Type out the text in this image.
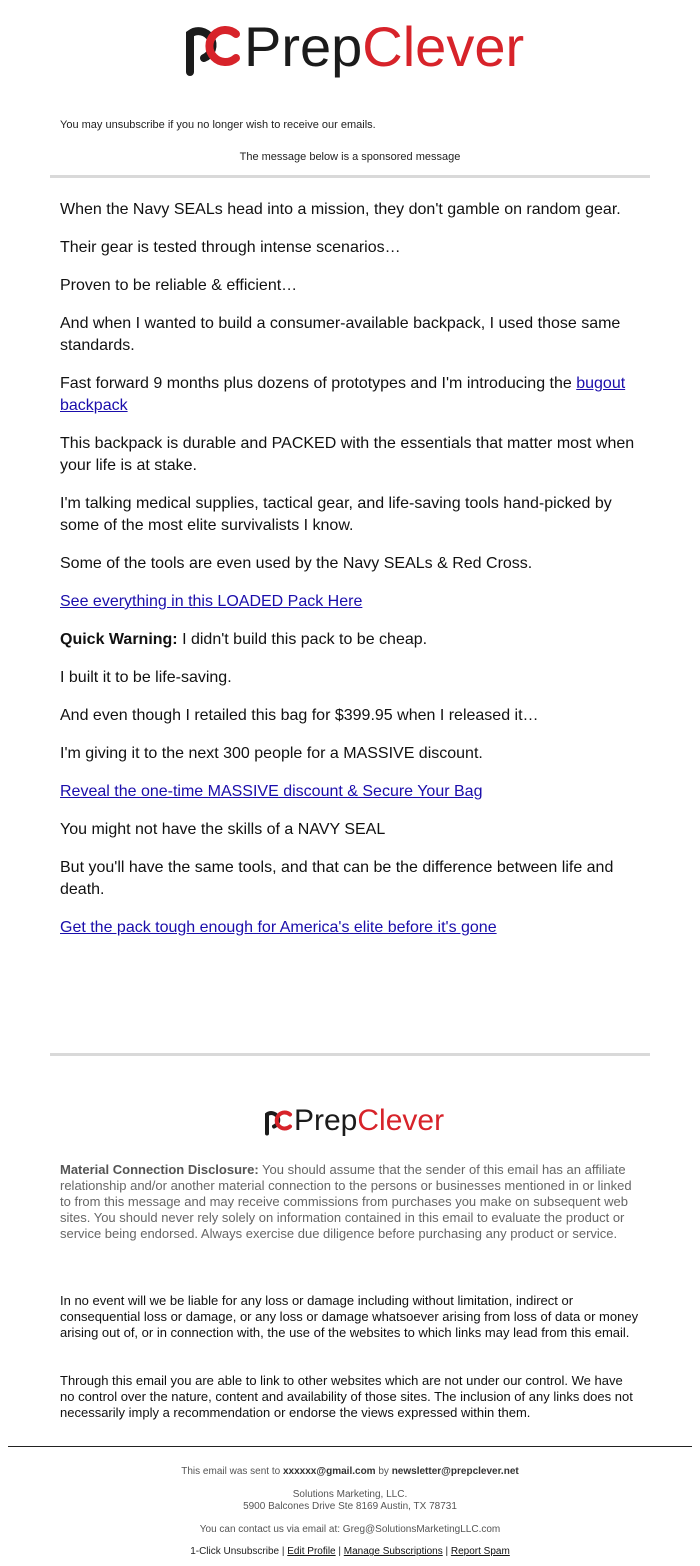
Prep Clever
You may unsubscribe if you no longer wish to receive our emails.
The message below is a sponsored message

When the Navy SEALs head into a mission, they don't gamble on random gear.

Their gear is tested through intense scenarios…

Proven to be reliable & efficient…

And when I wanted to build a consumer-available backpack, I used those same standards.

Fast forward 9 months plus dozens of prototypes and I'm introducing the bugout backpack

This backpack is durable and PACKED with the essentials that matter most when your life is at stake.

I'm talking medical supplies, tactical gear, and life-saving tools hand-picked by some of the most elite survivalists I know.

Some of the tools are even used by the Navy SEALs & Red Cross.

See everything in this LOADED Pack Here

Quick Warning: I didn't build this pack to be cheap.

I built it to be life-saving.

And even though I retailed this bag for $399.95 when I released it…

I'm giving it to the next 300 people for a MASSIVE discount.

Reveal the one-time MASSIVE discount & Secure Your Bag

You might not have the skills of a NAVY SEAL

But you'll have the same tools, and that can be the difference between life and death.

Get the pack tough enough for America's elite before it's gone

Prep Clever
Material Connection Disclosure: You should assume that the sender of this email has an affiliate relationship and/or another material connection to the persons or businesses mentioned in or linked to from this message and may receive commissions from purchases you make on subsequent web sites. You should never rely solely on information contained in this email to evaluate the product or service being endorsed. Always exercise due diligence before purchasing any product or service.
In no event will we be liable for any loss or damage including without limitation, indirect or consequential loss or damage, or any loss or damage whatsoever arising from loss of data or money arising out of, or in connection with, the use of the websites to which links may lead from this email.
Through this email you are able to link to other websites which are not under our control. We have no control over the nature, content and availability of those sites. The inclusion of any links does not necessarily imply a recommendation or endorse the views expressed within them.
This email was sent to xxxxxx@gmail.com by newsletter@prepclever.net
Solutions Marketing, LLC.
5900 Balcones Drive Ste 8169 Austin, TX 78731
You can contact us via email at: Greg@SolutionsMarketingLLC.com
1-Click Unsubscribe | Edit Profile | Manage Subscriptions | Report Spam
